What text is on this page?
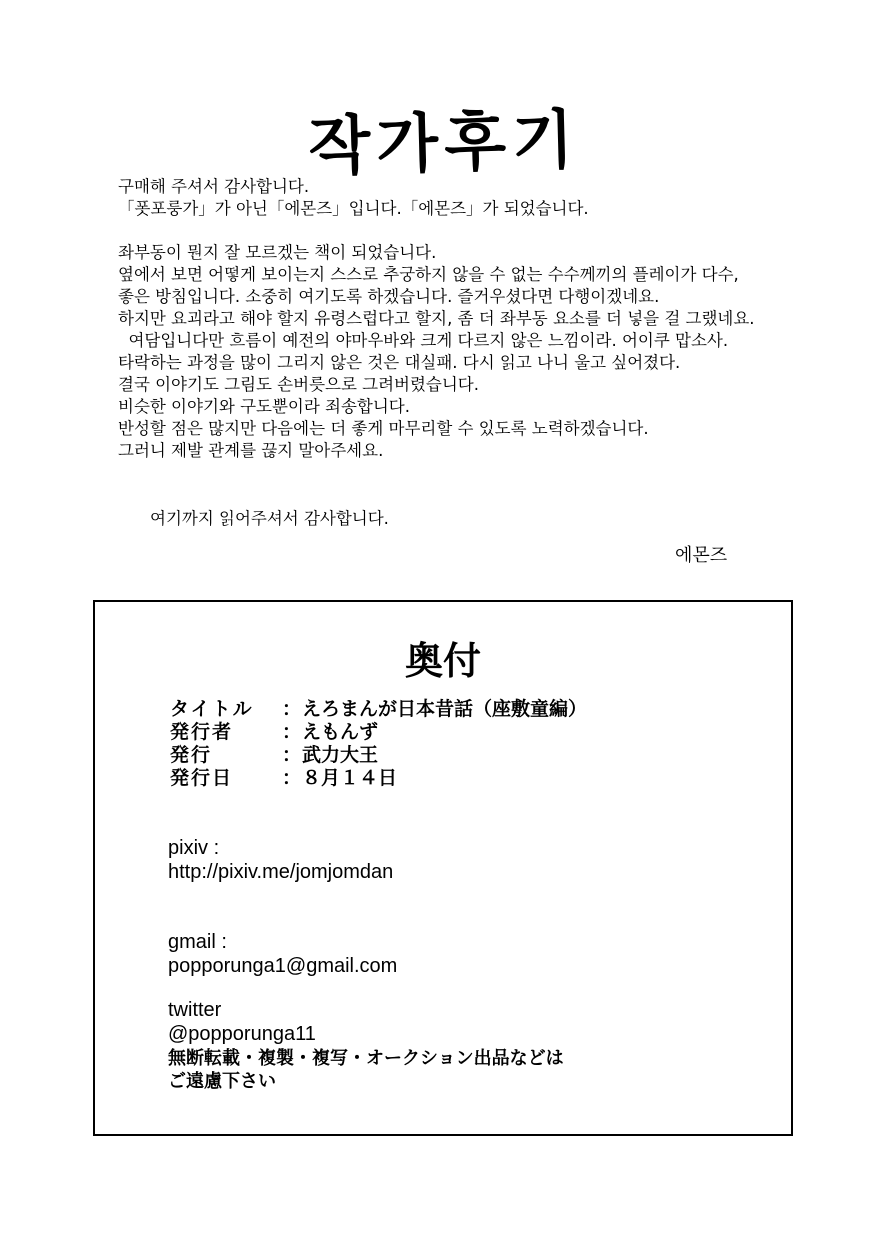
작가후기
구매해 주셔서 감사합니다.
「폿포룽가」가 아닌「에몬즈」입니다.「에몬즈」가 되었습니다.
좌부동이 뭔지 잘 모르겠는 책이 되었습니다.
옆에서 보면 어떻게 보이는지 스스로 추궁하지 않을 수 없는 수수께끼의 플레이가 다수,
좋은 방침입니다. 소중히 여기도록 하겠습니다. 즐거우셨다면 다행이겠네요.
하지만 요괴라고 해야 할지 유령스럽다고 할지, 좀 더 좌부동 요소를 더 넣을 걸 그랬네요.
여담입니다만 흐름이 예전의 야마우바와 크게 다르지 않은 느낌이라. 어이쿠 맙소사.
타락하는 과정을 많이 그리지 않은 것은 대실패. 다시 읽고 나니 울고 싶어졌다.
결국 이야기도 그림도 손버릇으로 그려버렸습니다.
비슷한 이야기와 구도뿐이라 죄송합니다.
반성할 점은 많지만 다음에는 더 좋게 마무리할 수 있도록 노력하겠습니다.
그러니 제발 관계를 끊지 말아주세요.
여기까지 읽어주셔서 감사합니다.
에몬즈
奥付
タイトル	： えろまんが日本昔話（座敷童編）
発行者	： えもんず
発行	： 武力大王
発行日	： ８月１４日
pixiv :
http://pixiv.me/jomjomdan
gmail :
popporunga1@gmail.com
twitter
@popporunga11
無断転載・複製・複写・オークション出品などは
ご遠慮下さい
